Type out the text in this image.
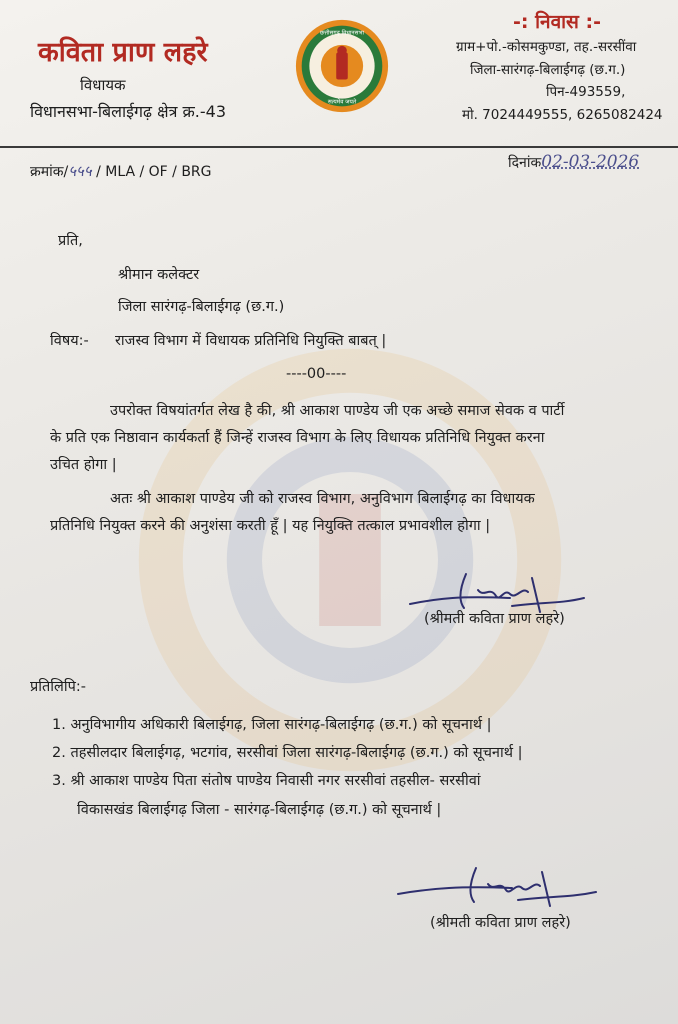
कविता प्राण लहरे
विधायक
विधानसभा-बिलाईगढ़ क्षेत्र क्र.-43
छत्तीसगढ़ विधानसभा
सत्यमेव जयते
-: निवास :-
ग्राम+पो.-कोसमकुण्डा, तह.-सरसींवा
जिला-सारंगढ़-बिलाईगढ़ (छ.ग.)
पिन-493559,
मो. 7024449555, 6265082424
क्रमांक/५५५ / MLA / OF / BRG
दिनांक02-03-2026
प्रति,
श्रीमान कलेक्टर
जिला सारंगढ़-बिलाईगढ़ (छ.ग.)
विषय:- राजस्व विभाग में विधायक प्रतिनिधि नियुक्ति बाबत् |
----00----
उपरोक्त विषयांतर्गत लेख है की, श्री आकाश पाण्डेय जी एक अच्छे समाज सेवक व पार्टी के प्रति एक निष्ठावान कार्यकर्ता हैं जिन्हें राजस्व विभाग के लिए विधायक प्रतिनिधि नियुक्त करना उचित होगा |
अतः श्री आकाश पाण्डेय जी को राजस्व विभाग, अनुविभाग बिलाईगढ़ का विधायक प्रतिनिधि नियुक्त करने की अनुशंसा करती हूँ | यह नियुक्ति तत्काल प्रभावशील होगा |
(श्रीमती कविता प्राण लहरे)
प्रतिलिपि:-
1. अनुविभागीय अधिकारी बिलाईगढ़, जिला सारंगढ़-बिलाईगढ़ (छ.ग.) को सूचनार्थ |
2. तहसीलदार बिलाईगढ़, भटगांव, सरसीवां जिला सारंगढ़-बिलाईगढ़ (छ.ग.) को सूचनार्थ |
3. श्री आकाश पाण्डेय पिता संतोष पाण्डेय निवासी नगर सरसीवां तहसील- सरसीवां
विकासखंड बिलाईगढ़ जिला - सारंगढ़-बिलाईगढ़ (छ.ग.) को सूचनार्थ |
(श्रीमती कविता प्राण लहरे)
